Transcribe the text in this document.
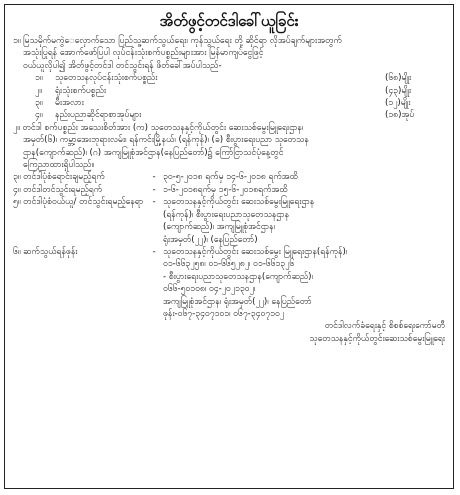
အိတ်ဖွင့်တင်ဒါခေါ်ယူခြင်း

၁။ မြသမိုက်မ‌ကွဲေလှောက်သော ပြည်သူ့ဆက်သွယ်ရေး၊ ကုန်သွယ်ရေး တို့ ဆိုင်ရာ လိုအပ်ချက်များအတွက်

အသုံးပြုရန် အောက်ဖော်ပြပါ လုပ်ငန်းသုံးစက်ပစ္စည်းများအား မြန်မာကျပ်ငွေဖြင့်

ဝယ်ယူလိုပါ၍ အိတ်ဖွင့်တင်ဒါ တင်သွင်းရန် ဖိတ်ခေါ်အပ်ပါသည်-

၁။	သုတေသနလုပ်ငန်းသုံးစက်ပစ္စည်း	(၆၈)မျိုး
၂။	ရုံးသုံးစက်ပစ္စည်း	(၄၃)မျိုး
၃။	မီးအလား	(၁၂)မျိုး
၄။	နည်းပညာဆိုင်ရာစာအုပ်များ	(၁၈)အုပ်

၂။ တင်ဒါ စက်ပစ္စည်း အသေးစိတ်အား (က) သုတေသနနှင့်ကိုယ်တွင်း ဆေးသစ်မွေးမြူရေးဌာန၊

အမှတ်(၆)၊ ကမ္ဘာ့အေးဘုရားလမ်း၊ ရန်ကင်းမြို့နယ်၊ (ရန်ကုန်)၊ (ခ) စီးပွားရေးပညာ သုတေသန

ဌာန(ကျောက်ဆည်)၊ (ဂ) အကျမြူစုံအင်ဌာန(နေပြည်တော်)၌ ကြော်ငြာသင်ပုံနေ့တွင်

ကြေညာထားရှိပါသည်။

၃။ တင်ဒါပုံစံရောင်းချမည့်ရက်	- ၃၀-၅-၂၀၁၈ ရက်မှ ၁၄-၆-၂၀၁၈ ရက်အထိ

၄။ တင်ဒါတင်သွင်းရမည့်ရက်	- ၁-၆-၂၀၁၈ရက်မှ ၁၅-၆-၂၀၁၈ရက်အထိ

၅။ တင်ဒါပုံစံဝယ်ယူ/ တင်သွင်းရမည့်နေရာ	- သုတေသနနှင့်ကိုယ်တွင်း ဆေးသစ်မွေးမြူရေးဌာန

(ရန်ကုန်)၊ စီးပွားရေးပညာသုတေသနဌာန

(ကျောက်ဆည်)၊ အကျမြူစုံအင်ဌာန၊

ရုံးအမှတ်(၂၂)၊ (နေပြည်တော်)

၆။ ဆက်သွယ်ရန်ဖုန်း	- သုတေသနနှင့်ကိုယ်တွင်း ဆေးသစ်မွေး မြူရေးဌာန(ရန်ကုန်)၊

၀၁-၆၆၃၂၅၈၊ ၀၁-၆၆၅၂၈၂၊ ၀၁-၆၆၁၃၂၆

- စီးပွားရေးပညာသုတေသနဌာန(ကျောက်ဆည်)၊

၀၆၆-၅၀၁၀၈၊ ၀၄-၂၀၂၁၃၀၂၊

အကျမြူစုံအင်ဌာန၊ ရုံးအမှတ်(၂၂)၊ နေပြည်တော်

ဖုန်း-၀၆၇-၃၄၀၇၁၀၁၊ ၀၆၇-၃၄၀၇၁၀၂

တင်ဒါလက်ခံရေးနှင့် စိစစ်ရေးကော်မတီ

သုတေသနနှင့်ကိုယ်တွင်းဆေးသစ်မွေးမြူရေး
